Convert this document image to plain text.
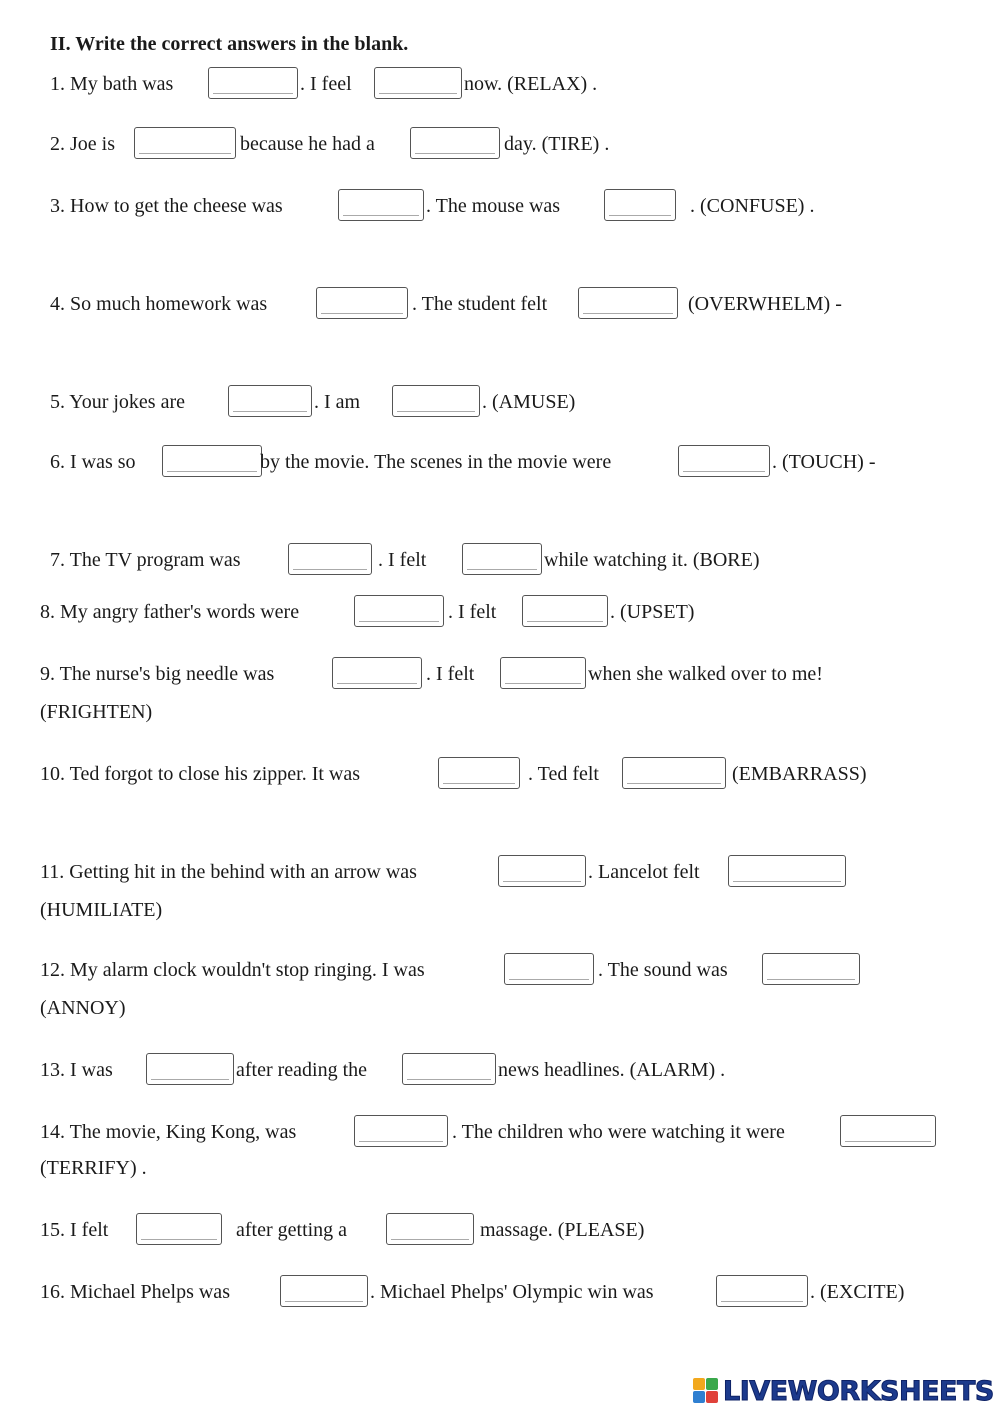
II. Write the correct answers in the blank.
1. My bath was	. I feel	now. (RELAX) .
2. Joe is	because he had a	day. (TIRE) .
3. How to get the cheese was	. The mouse was	. (CONFUSE) .
4. So much homework was	. The student felt	(OVERWHELM) -
5. Your jokes are	. I am	. (AMUSE)
6. I was so	by the movie. The scenes in the movie were	. (TOUCH) -
7. The TV program was	. I felt	while watching it. (BORE)
8. My angry father's words were	. I felt	. (UPSET)
9. The nurse's big needle was	. I felt	when she walked over to me!
(FRIGHTEN)
10. Ted forgot to close his zipper. It was	. Ted felt	(EMBARRASS)
11. Getting hit in the behind with an arrow was	. Lancelot felt
(HUMILIATE)
12. My alarm clock wouldn't stop ringing. I was	. The sound was
(ANNOY)
13. I was	after reading the	news headlines. (ALARM) .
14. The movie, King Kong, was	. The children who were watching it were
(TERRIFY) .
15. I felt	after getting a	massage. (PLEASE)
16. Michael Phelps was	. Michael Phelps' Olympic win was	. (EXCITE)
LIVEWORKSHEETS
